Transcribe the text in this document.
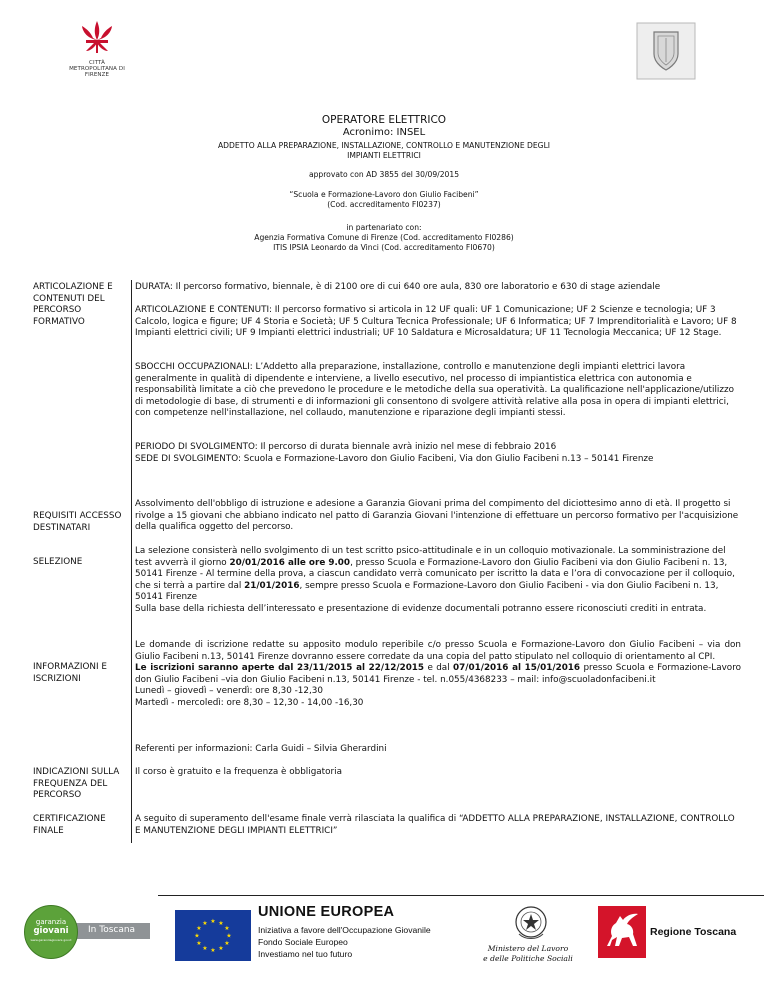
CITTÀ METROPOLITANA DI FIRENZE
OPERATORE ELETTRICO
Acronimo: INSEL
ADDETTO ALLA PREPARAZIONE, INSTALLAZIONE, CONTROLLO E MANUTENZIONE DEGLI
IMPIANTI ELETTRICI
approvato con AD 3855 del 30/09/2015
“Scuola e Formazione-Lavoro don Giulio Facibeni”
(Cod. accreditamento FI0237)
in partenariato con:
Agenzia Formativa Comune di Firenze (Cod. accreditamento FI0286)
ITIS IPSIA Leonardo da Vinci (Cod. accreditamento FI0670)
ARTICOLAZIONE E CONTENUTI DEL PERCORSO FORMATIVO
DURATA: Il percorso formativo, biennale, è di 2100 ore di cui 640 ore aula, 830 ore laboratorio e 630 di stage aziendale
ARTICOLAZIONE E CONTENUTI: Il percorso formativo si articola in 12 UF quali: UF 1 Comunicazione; UF 2 Scienze e tecnologia; UF 3 Calcolo, logica e figure; UF 4 Storia e Società; UF 5 Cultura Tecnica Professionale; UF 6 Informatica; UF 7 Imprenditorialità e Lavoro; UF 8 Impianti elettrici civili; UF 9 Impianti elettrici industriali; UF 10 Saldatura e Microsaldatura; UF 11 Tecnologia Meccanica; UF 12 Stage.
SBOCCHI OCCUPAZIONALI: L’Addetto alla preparazione, installazione, controllo e manutenzione degli impianti elettrici lavora generalmente in qualità di dipendente e interviene, a livello esecutivo, nel processo di impiantistica elettrica con autonomia e responsabilità limitate a ciò che prevedono le procedure e le metodiche della sua operatività. La qualificazione nell'applicazione/utilizzo di metodologie di base, di strumenti e di informazioni gli consentono di svolgere attività relative alla posa in opera di impianti elettrici, con competenze nell'installazione, nel collaudo, manutenzione e riparazione degli impianti stessi.
PERIODO DI SVOLGIMENTO: Il percorso di durata biennale avrà inizio nel mese di febbraio 2016
SEDE DI SVOLGIMENTO: Scuola e Formazione-Lavoro don Giulio Facibeni, Via don Giulio Facibeni n.13 – 50141 Firenze
REQUISITI ACCESSO DESTINATARI
Assolvimento dell'obbligo di istruzione e adesione a Garanzia Giovani prima del compimento del diciottesimo anno di età. Il progetto si rivolge a 15 giovani che abbiano indicato nel patto di Garanzia Giovani l'intenzione di effettuare un percorso formativo per l'acquisizione della qualifica oggetto del percorso.
SELEZIONE
La selezione consisterà nello svolgimento di un test scritto psico-attitudinale e in un colloquio motivazionale. La somministrazione del test avverrà il giorno 20/01/2016 alle ore 9.00, presso Scuola e Formazione-Lavoro don Giulio Facibeni via don Giulio Facibeni n. 13, 50141 Firenze - Al termine della prova, a ciascun candidato verrà comunicato per iscritto la data e l’ora di convocazione per il colloquio, che si terrà a partire dal 21/01/2016, sempre presso Scuola e Formazione-Lavoro don Giulio Facibeni - via don Giulio Facibeni n. 13, 50141 Firenze
Sulla base della richiesta dell’interessato e presentazione di evidenze documentali potranno essere riconosciuti crediti in entrata.
INFORMAZIONI E ISCRIZIONI
Le domande di iscrizione redatte su apposito modulo reperibile c/o presso Scuola e Formazione-Lavoro don Giulio Facibeni – via don Giulio Facibeni n.13, 50141 Firenze dovranno essere corredate da una copia del patto stipulato nel colloquio di orientamento al CPI.
Le iscrizioni saranno aperte dal 23/11/2015 al 22/12/2015 e dal 07/01/2016 al 15/01/2016 presso Scuola e Formazione-Lavoro don Giulio Facibeni –via don Giulio Facibeni n.13, 50141 Firenze - tel. n.055/4368233 – mail: info@scuoladonfacibeni.it
Lunedì – giovedì – venerdì: ore 8,30 -12,30
Martedì - mercoledì: ore 8,30 – 12,30 - 14,00 -16,30
Referenti per informazioni: Carla Guidi – Silvia Gherardini
INDICAZIONI SULLA FREQUENZA DEL PERCORSO
Il corso è gratuito e la frequenza è obbligatoria
CERTIFICAZIONE FINALE
A seguito di superamento dell'esame finale verrà rilasciata la qualifica di “ADDETTO ALLA PREPARAZIONE, INSTALLAZIONE, CONTROLLO E MANUTENZIONE DEGLI IMPIANTI ELETTRICI”
In Toscana
garanzia
giovani
www.garanziagiovani.gov.it
★ ★
★
★
★
★
★
★
★
★
★
★
UNIONE EUROPEA
Iniziativa a favore dell'Occupazione Giovanile
Fondo Sociale Europeo
Investiamo nel tuo futuro
Ministero del Lavoro
e delle Politiche Sociali
Regione Toscana
